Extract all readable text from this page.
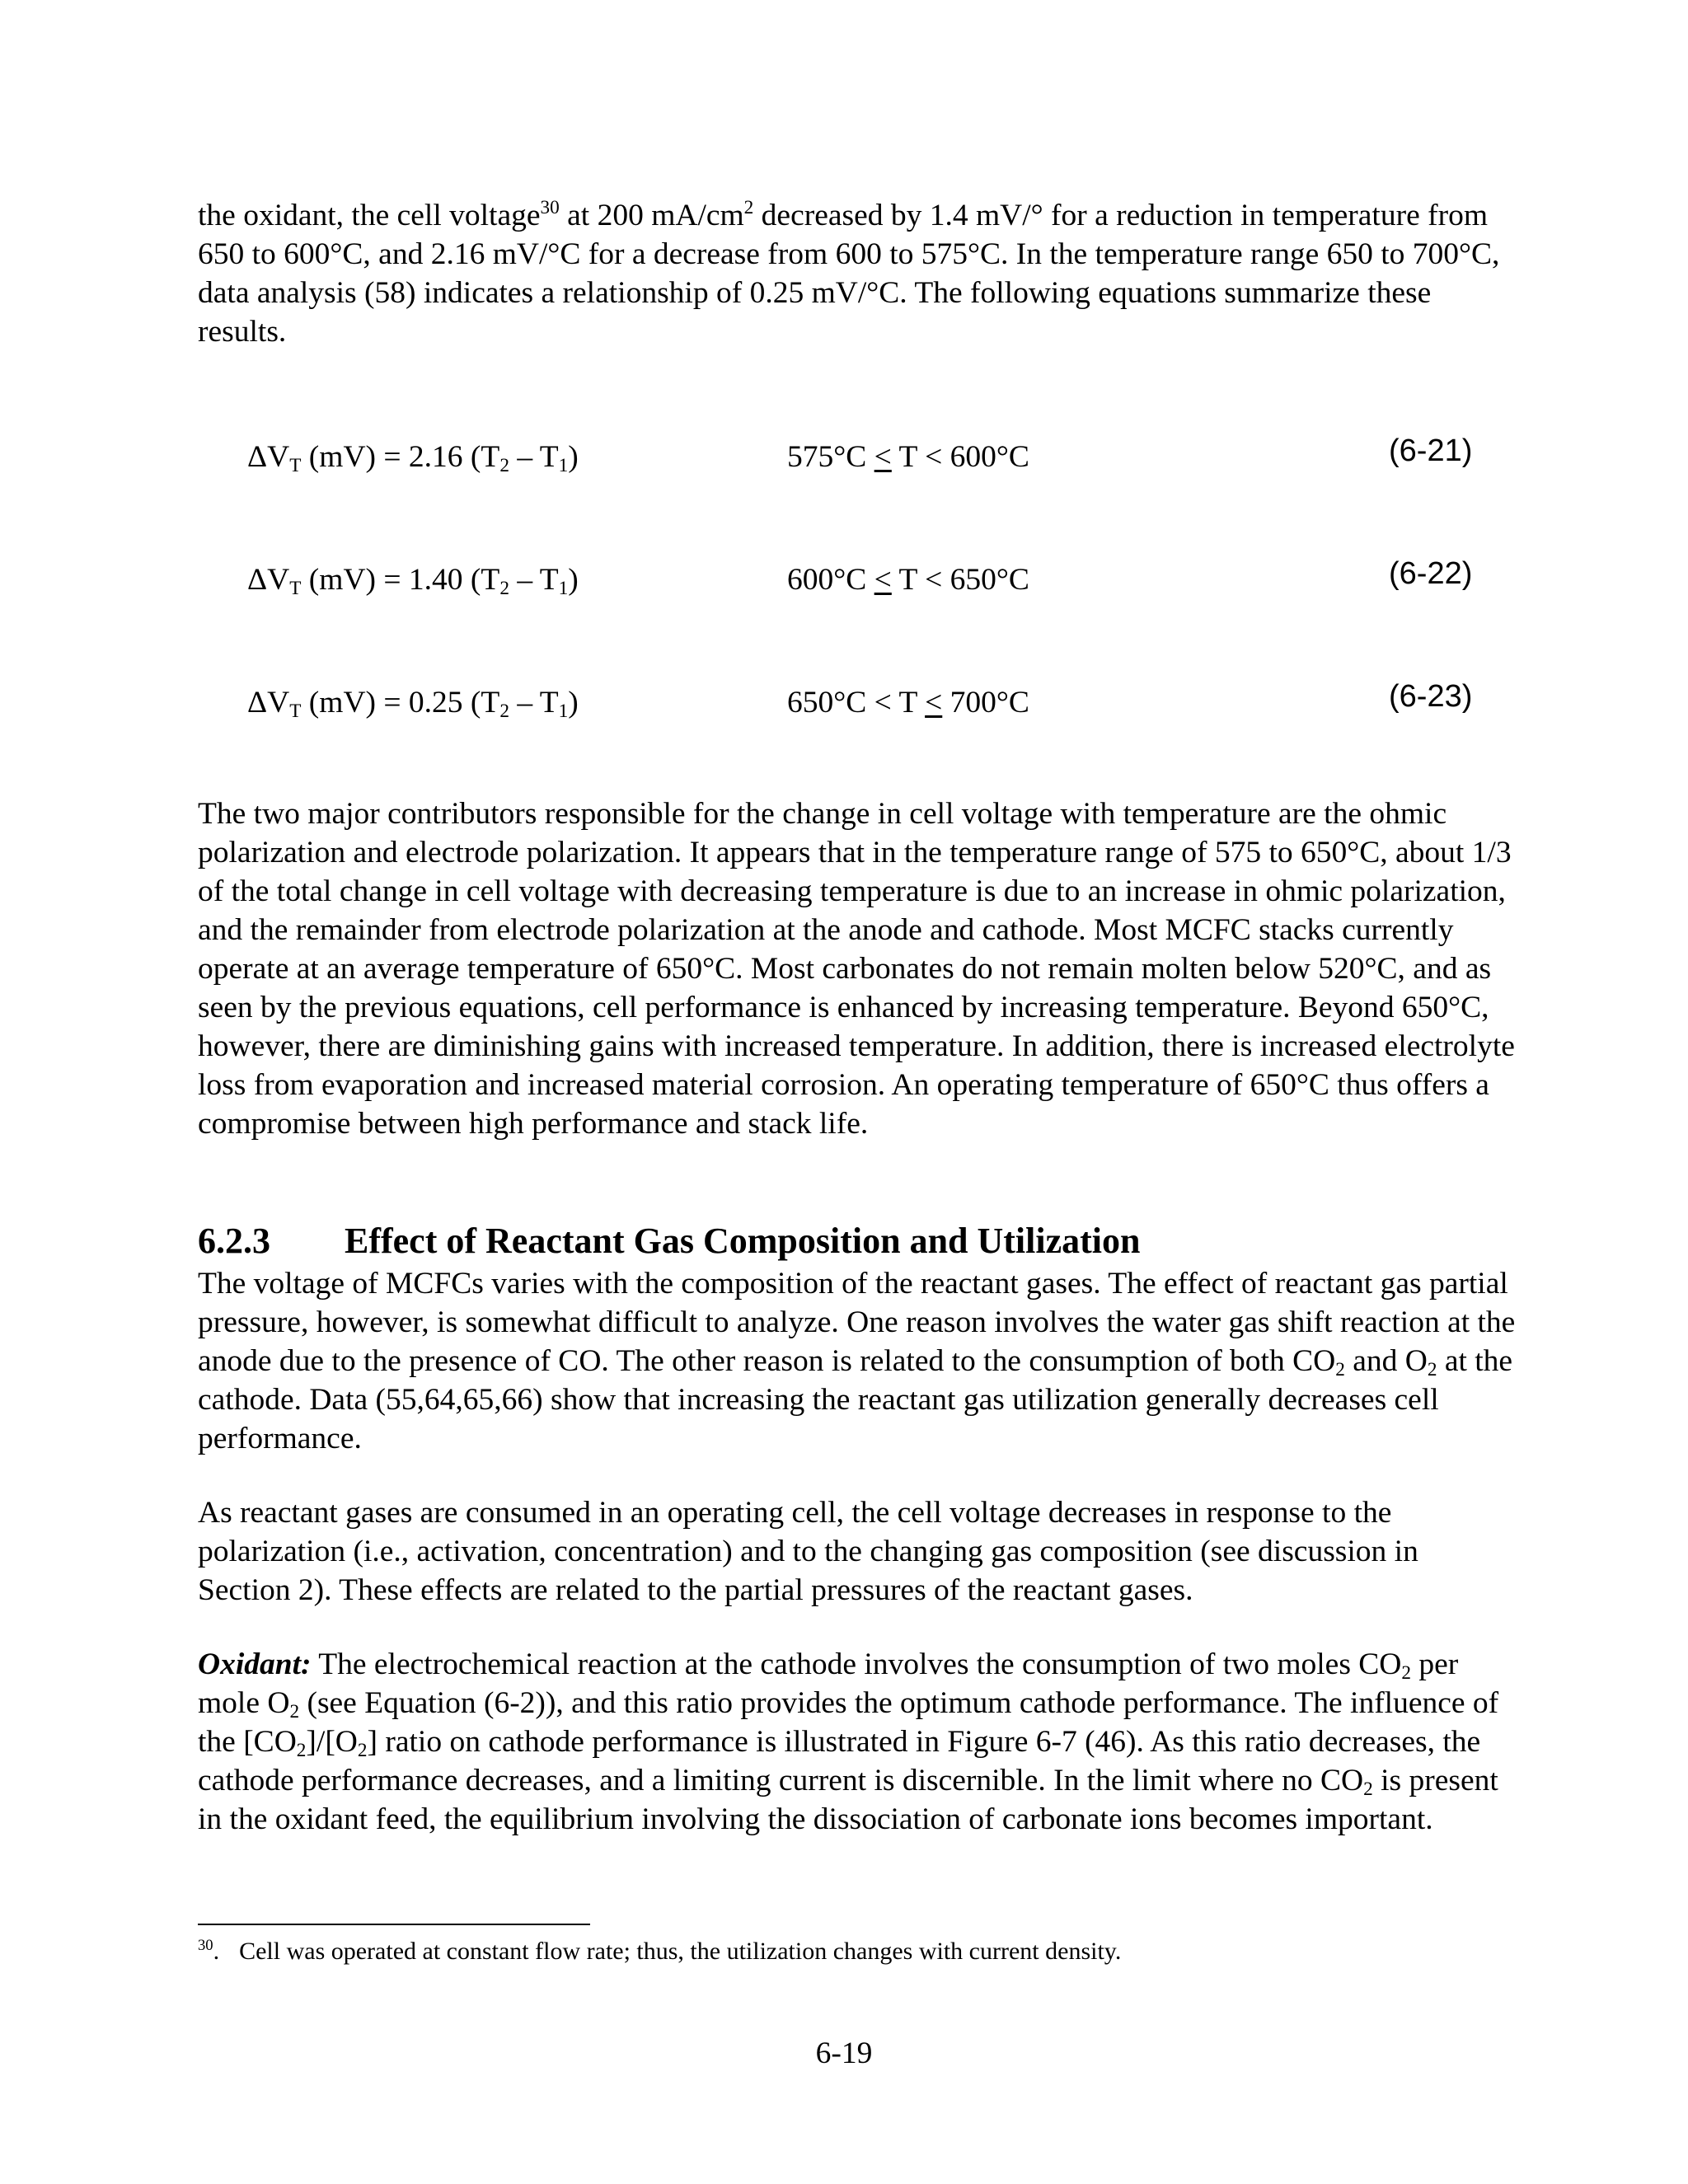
the oxidant, the cell voltage$^{30}$ at 200 $mA/cm^2$ decreased by 1.4 mV/° for a reduction in temperature from 650 to 600°C, and 2.16 mV/°C for a decrease from 600 to 575°C. In the temperature range 650 to 700°C, data analysis (58) indicates a relationship of 0.25 mV/°C. The following equations summarize these results.

$\Delta V_T$ (mV) = 2.16 $(T_2 - T_1)$	575°C < T < 600°C	(6-21)
$\Delta V_T$ (mV) = 1.40 $(T_2 - T_1)$	600°C < T < 650°C	(6-22)
$\Delta V_T$ (mV) = 0.25 $(T_2 - T_1)$	650°C < T < 700°C	(6-23)

The two major contributors responsible for the change in cell voltage with temperature are the ohmic polarization and electrode polarization. It appears that in the temperature range of 575 to 650°C, about 1/3 of the total change in cell voltage with decreasing temperature is due to an increase in ohmic polarization, and the remainder from electrode polarization at the anode and cathode. Most MCFC stacks currently operate at an average temperature of 650°C. Most carbonates do not remain molten below 520°C, and as seen by the previous equations, cell performance is enhanced by increasing temperature. Beyond 650°C, however, there are diminishing gains with increased temperature. In addition, there is increased electrolyte loss from evaporation and increased material corrosion. An operating temperature of 650°C thus offers a compromise between high performance and stack life.

6.2.3 Effect of Reactant Gas Composition and Utilization

The voltage of MCFCs varies with the composition of the reactant gases. The effect of reactant gas partial pressure, however, is somewhat difficult to analyze. One reason involves the water gas shift reaction at the anode due to the presence of CO. The other reason is related to the consumption of both $CO_2$ and $O_2$ at the cathode. Data (55,64,65,66) show that increasing the reactant gas utilization generally decreases cell performance.

As reactant gases are consumed in an operating cell, the cell voltage decreases in response to the polarization (i.e., activation, concentration) and to the changing gas composition (see discussion in Section 2). These effects are related to the partial pressures of the reactant gases.

Oxidant: The electrochemical reaction at the cathode involves the consumption of two moles $CO_2$ per mole $O_2$ (see Equation (6-2)), and this ratio provides the optimum cathode performance. The influence of the $[CO_2]/[O_2]$ ratio on cathode performance is illustrated in Figure 6-7 (46). As this ratio decreases, the cathode performance decreases, and a limiting current is discernible. In the limit where no $CO_2$ is present in the oxidant feed, the equilibrium involving the dissociation of carbonate ions becomes important.

$^{30}$. Cell was operated at constant flow rate; thus, the utilization changes with current density.
6-19
